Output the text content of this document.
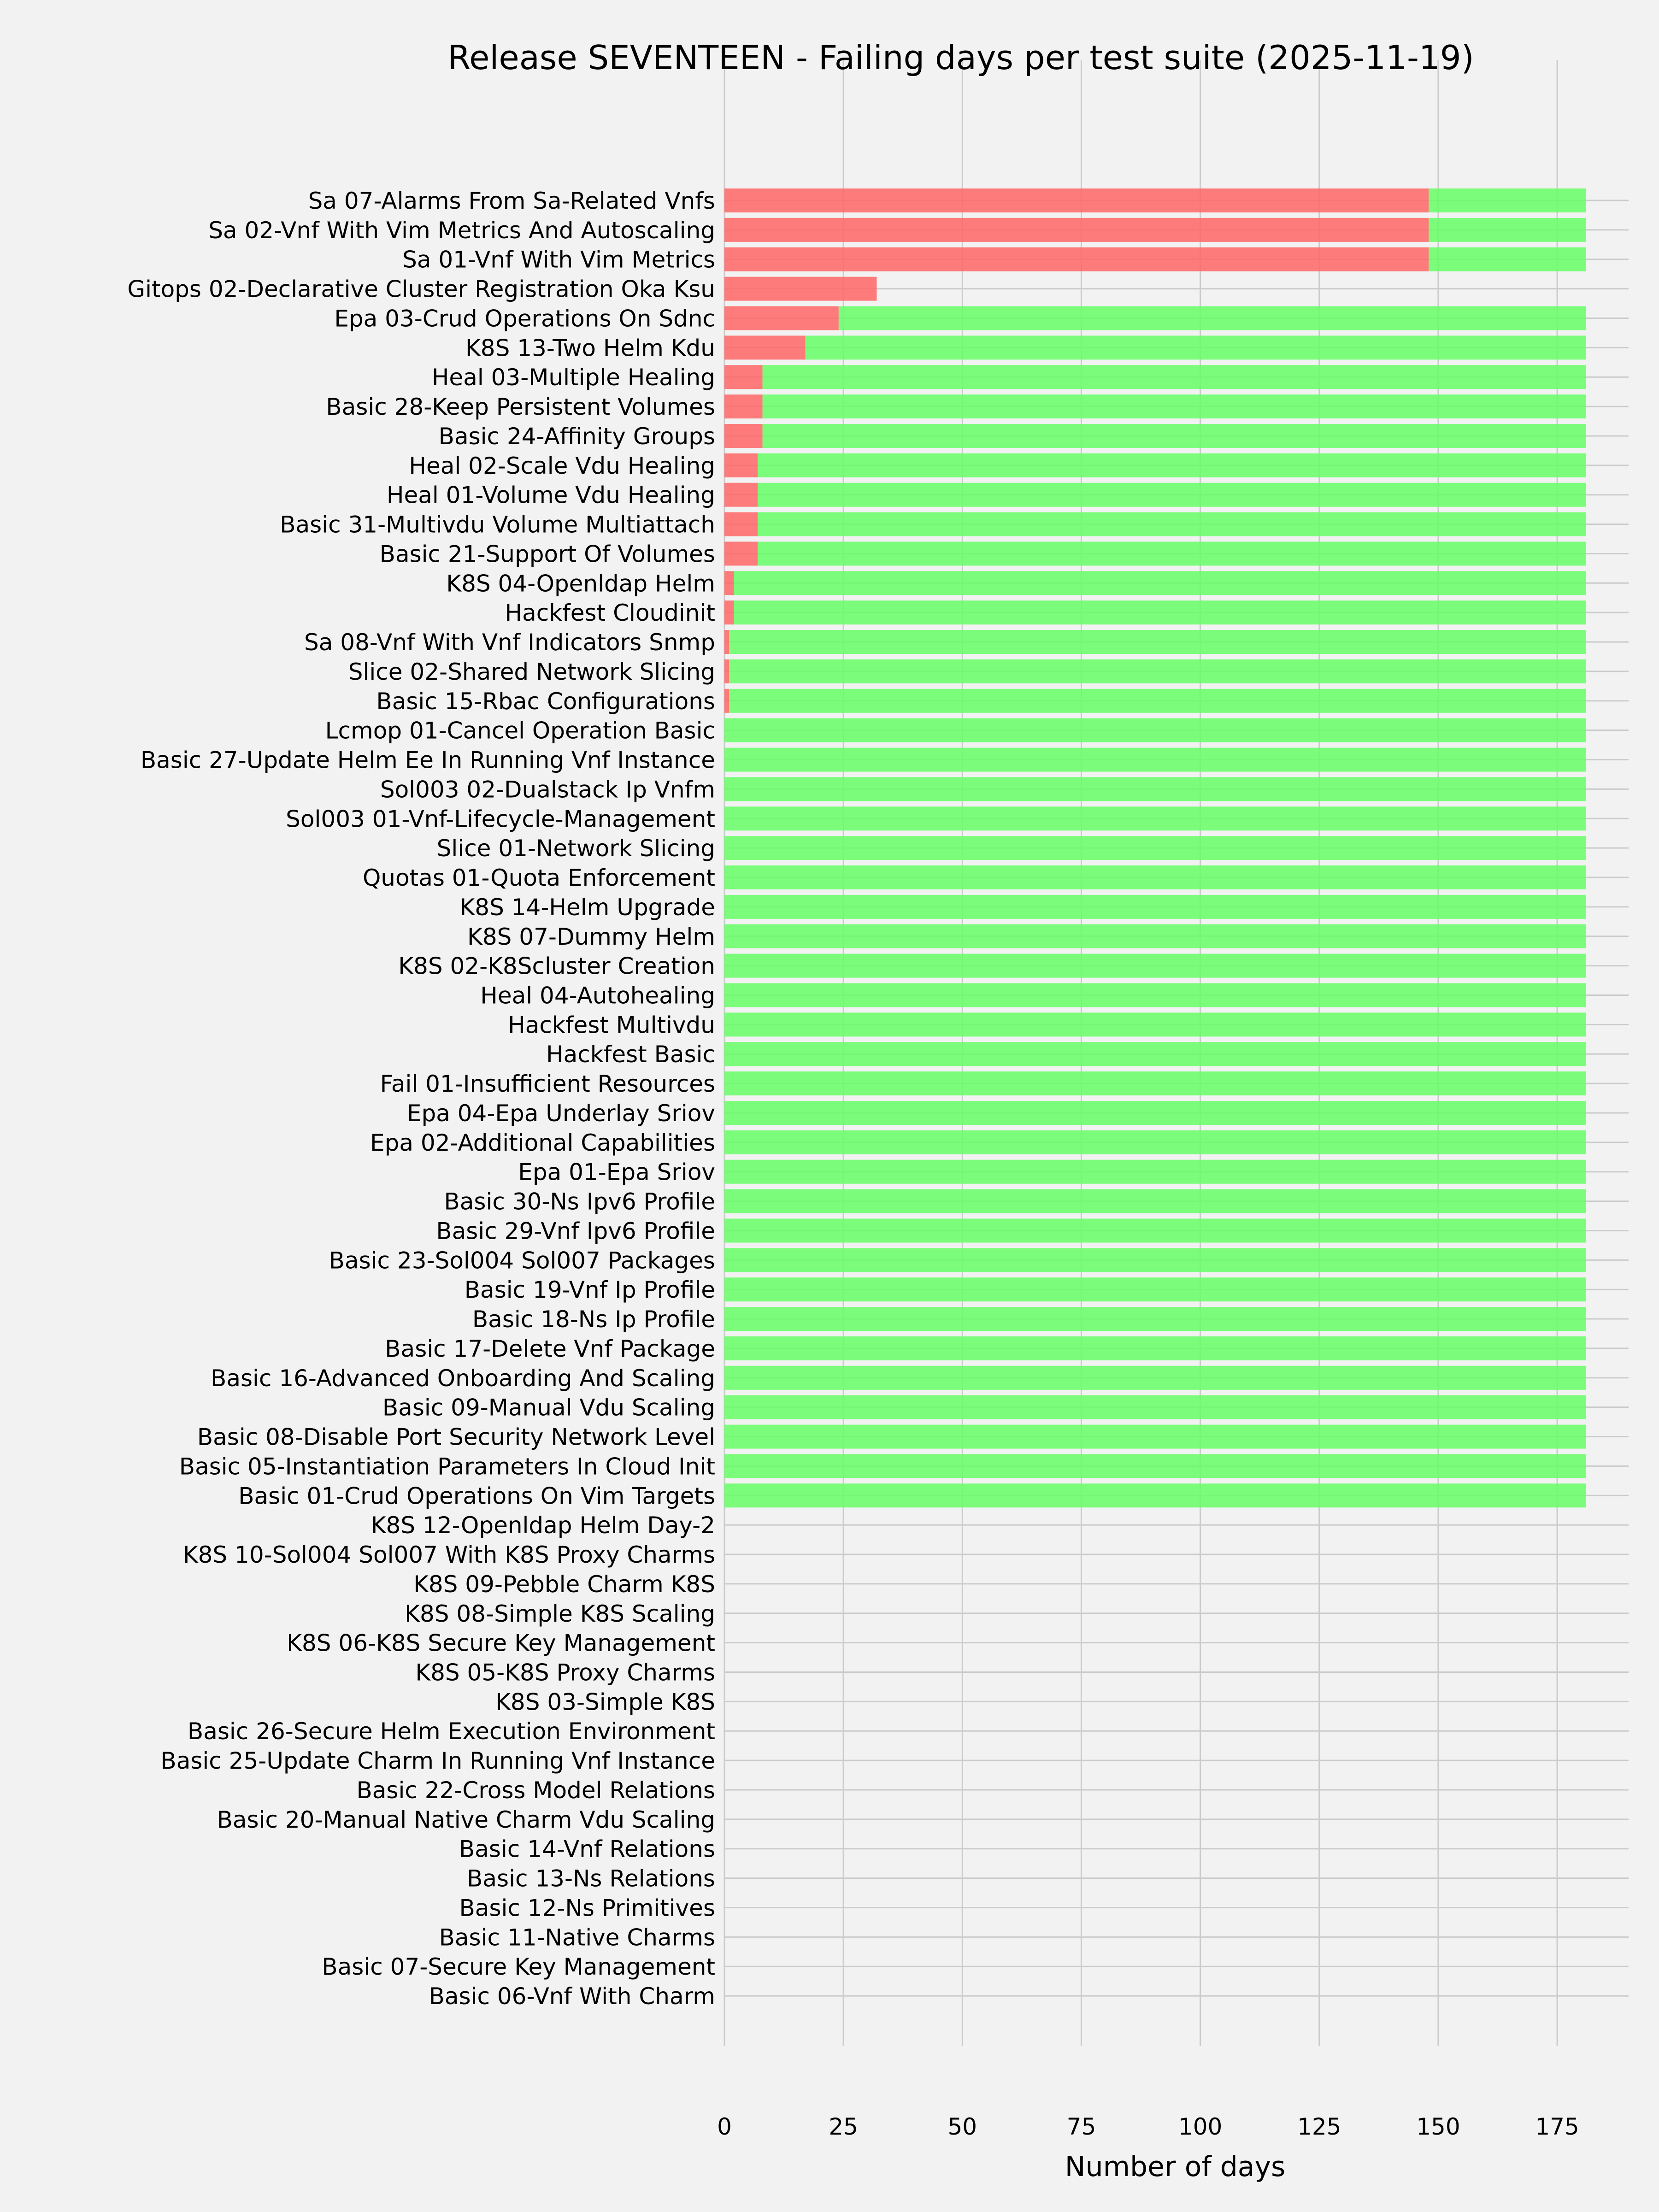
Sa 07-Alarms From Sa-Related Vnfs
Sa 02-Vnf With Vim Metrics And Autoscaling
Sa 01-Vnf With Vim Metrics
Gitops 02-Declarative Cluster Registration Oka Ksu
Epa 03-Crud Operations On Sdnc
K8S 13-Two Helm Kdu
Heal 03-Multiple Healing
Basic 28-Keep Persistent Volumes
Basic 24-Affinity Groups
Heal 02-Scale Vdu Healing
Heal 01-Volume Vdu Healing
Basic 31-Multivdu Volume Multiattach
Basic 21-Support Of Volumes
K8S 04-Openldap Helm
Hackfest Cloudinit
Sa 08-Vnf With Vnf Indicators Snmp
Slice 02-Shared Network Slicing
Basic 15-Rbac Configurations
Lcmop 01-Cancel Operation Basic
Basic 27-Update Helm Ee In Running Vnf Instance
Sol003 02-Dualstack Ip Vnfm
Sol003 01-Vnf-Lifecycle-Management
Slice 01-Network Slicing
Quotas 01-Quota Enforcement
K8S 14-Helm Upgrade
K8S 07-Dummy Helm
K8S 02-K8Scluster Creation
Heal 04-Autohealing
Hackfest Multivdu
Hackfest Basic
Fail 01-Insufficient Resources
Epa 04-Epa Underlay Sriov
Epa 02-Additional Capabilities
Epa 01-Epa Sriov
Basic 30-Ns Ipv6 Profile
Basic 29-Vnf Ipv6 Profile
Basic 23-Sol004 Sol007 Packages
Basic 19-Vnf Ip Profile
Basic 18-Ns Ip Profile
Basic 17-Delete Vnf Package
Basic 16-Advanced Onboarding And Scaling
Basic 09-Manual Vdu Scaling
Basic 08-Disable Port Security Network Level
Basic 05-Instantiation Parameters In Cloud Init
Basic 01-Crud Operations On Vim Targets
K8S 12-Openldap Helm Day-2
K8S 10-Sol004 Sol007 With K8S Proxy Charms
K8S 09-Pebble Charm K8S
K8S 08-Simple K8S Scaling
K8S 06-K8S Secure Key Management
K8S 05-K8S Proxy Charms
K8S 03-Simple K8S
Basic 26-Secure Helm Execution Environment
Basic 25-Update Charm In Running Vnf Instance
Basic 22-Cross Model Relations
Basic 20-Manual Native Charm Vdu Scaling
Basic 14-Vnf Relations
Basic 13-Ns Relations
Basic 12-Ns Primitives
Basic 11-Native Charms
Basic 07-Secure Key Management
Basic 06-Vnf With Charm
0	25	50	75	100	125	150	175
Release SEVENTEEN - Failing days per test suite (2025-11-19)
Number of days
